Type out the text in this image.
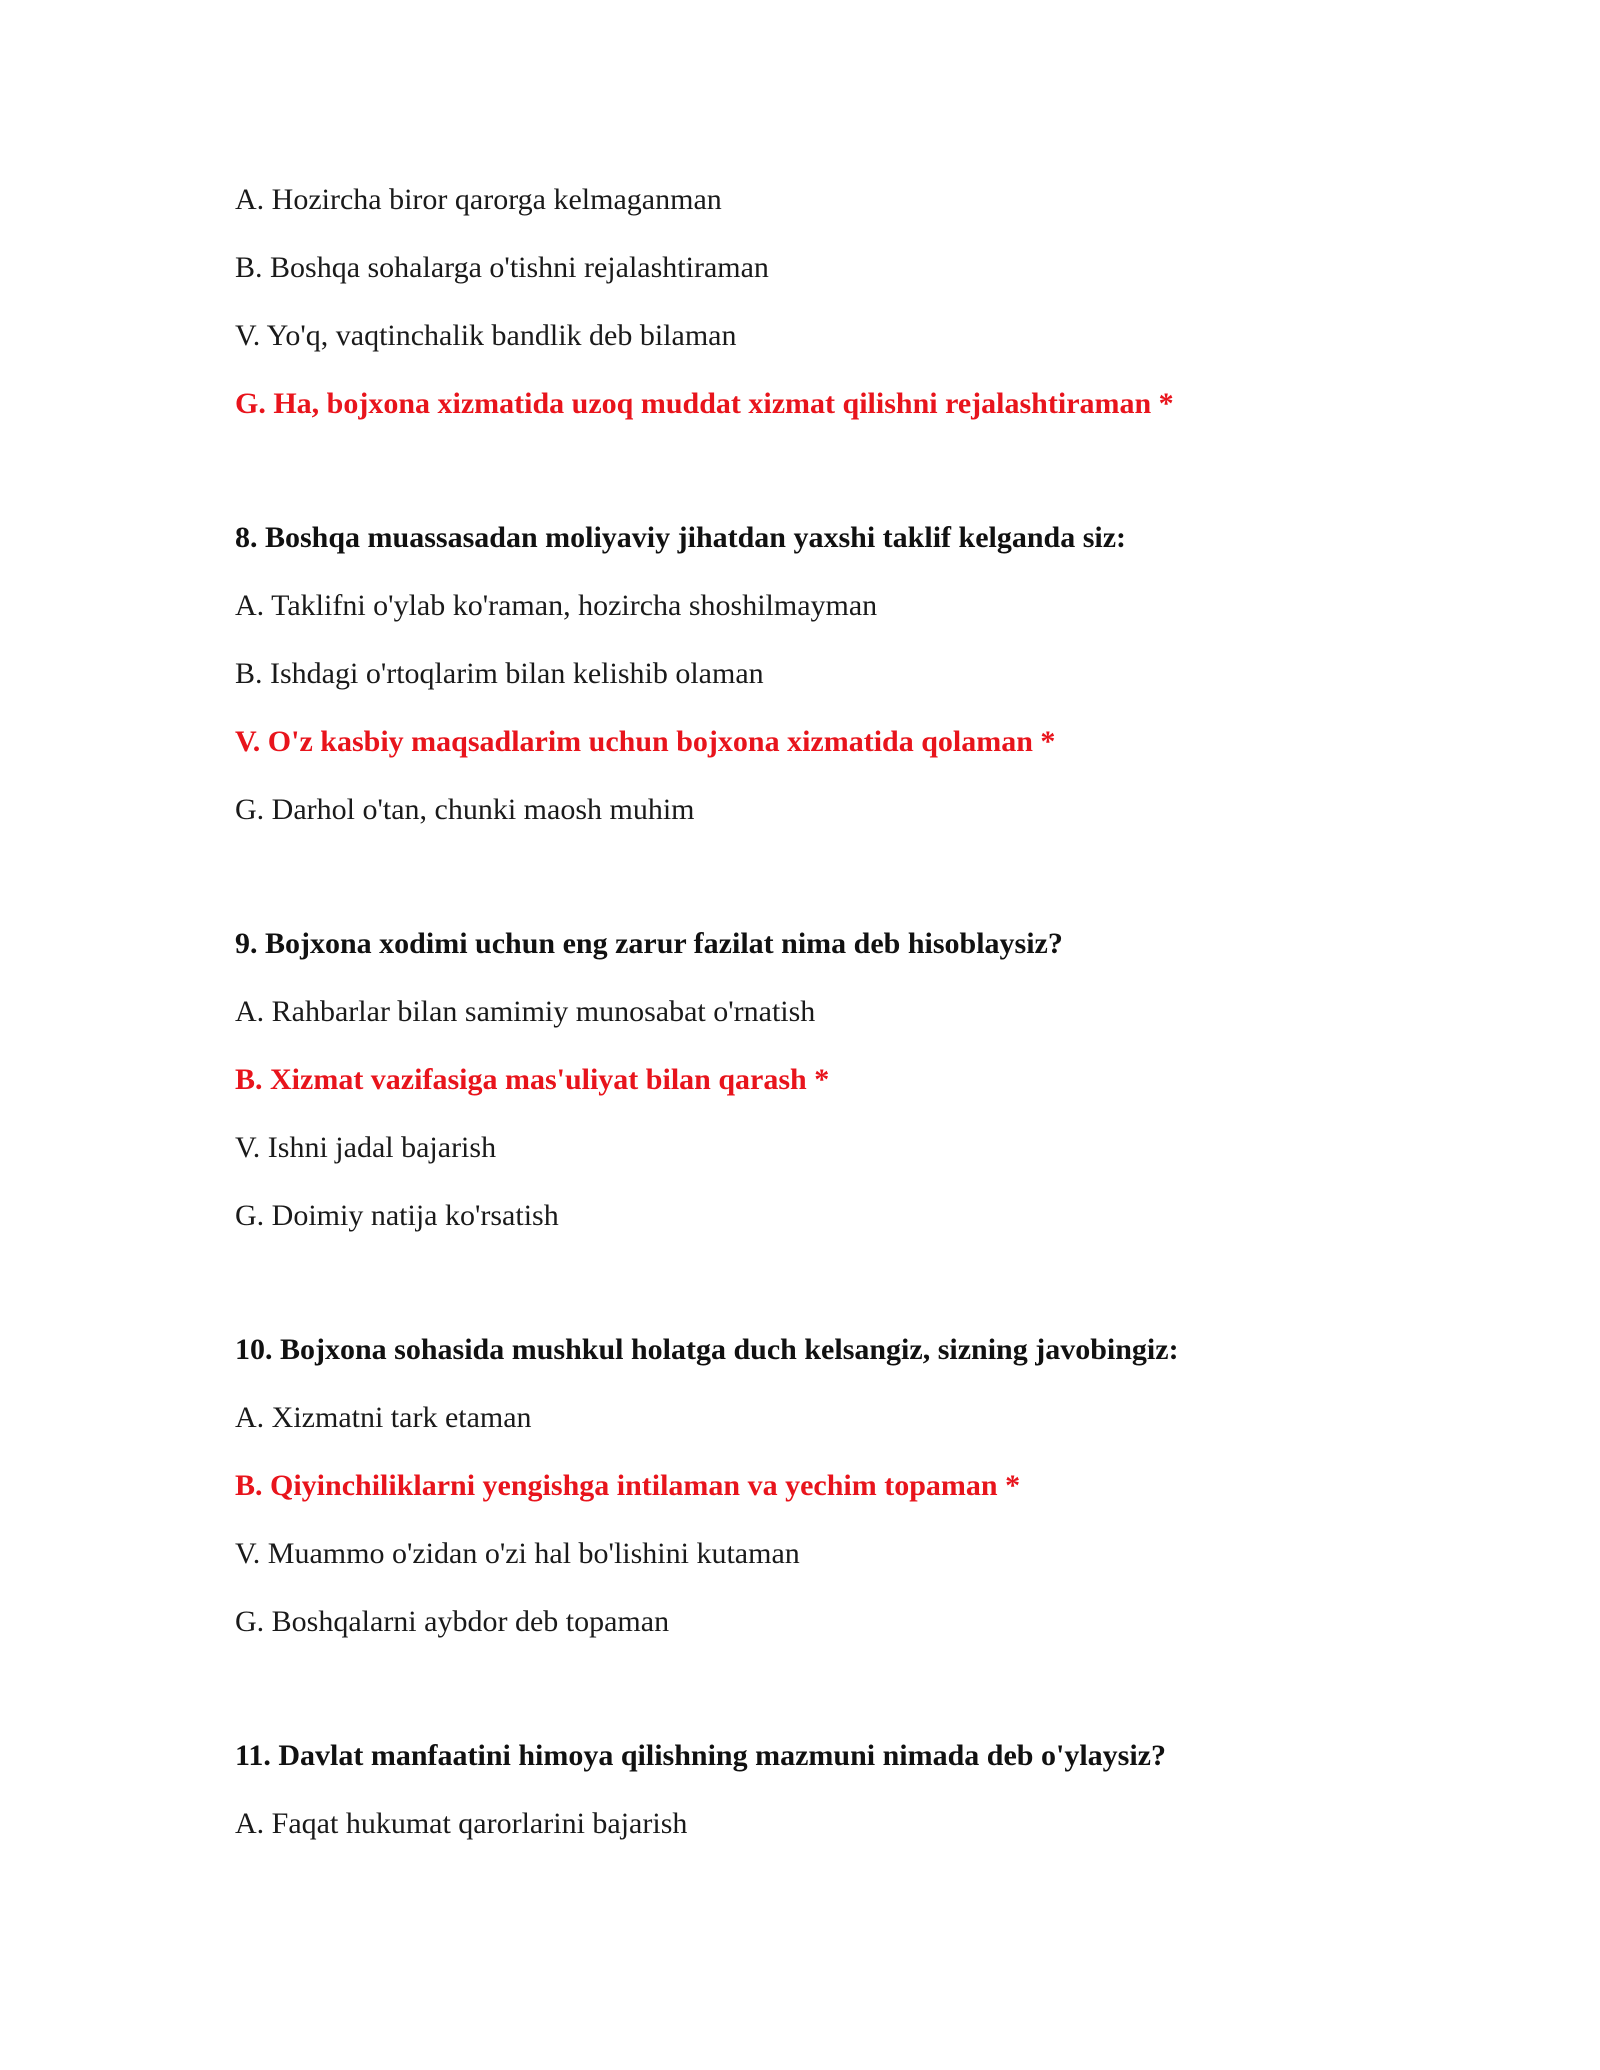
A. Hozircha biror qarorga kelmaganman
B. Boshqa sohalarga o'tishni rejalashtiraman
V. Yo'q, vaqtinchalik bandlik deb bilaman
G. Ha, bojxona xizmatida uzoq muddat xizmat qilishni rejalashtiraman *
8. Boshqa muassasadan moliyaviy jihatdan yaxshi taklif kelganda siz:
A. Taklifni o'ylab ko'raman, hozircha shoshilmayman
B. Ishdagi o'rtoqlarim bilan kelishib olaman
V. O'z kasbiy maqsadlarim uchun bojxona xizmatida qolaman *
G. Darhol o'tan, chunki maosh muhim
9. Bojxona xodimi uchun eng zarur fazilat nima deb hisoblaysiz?
A. Rahbarlar bilan samimiy munosabat o'rnatish
B. Xizmat vazifasiga mas'uliyat bilan qarash *
V. Ishni jadal bajarish
G. Doimiy natija ko'rsatish
10. Bojxona sohasida mushkul holatga duch kelsangiz, sizning javobingiz:
A. Xizmatni tark etaman
B. Qiyinchiliklarni yengishga intilaman va yechim topaman *
V. Muammo o'zidan o'zi hal bo'lishini kutaman
G. Boshqalarni aybdor deb topaman
11. Davlat manfaatini himoya qilishning mazmuni nimada deb o'ylaysiz?
A. Faqat hukumat qarorlarini bajarish
